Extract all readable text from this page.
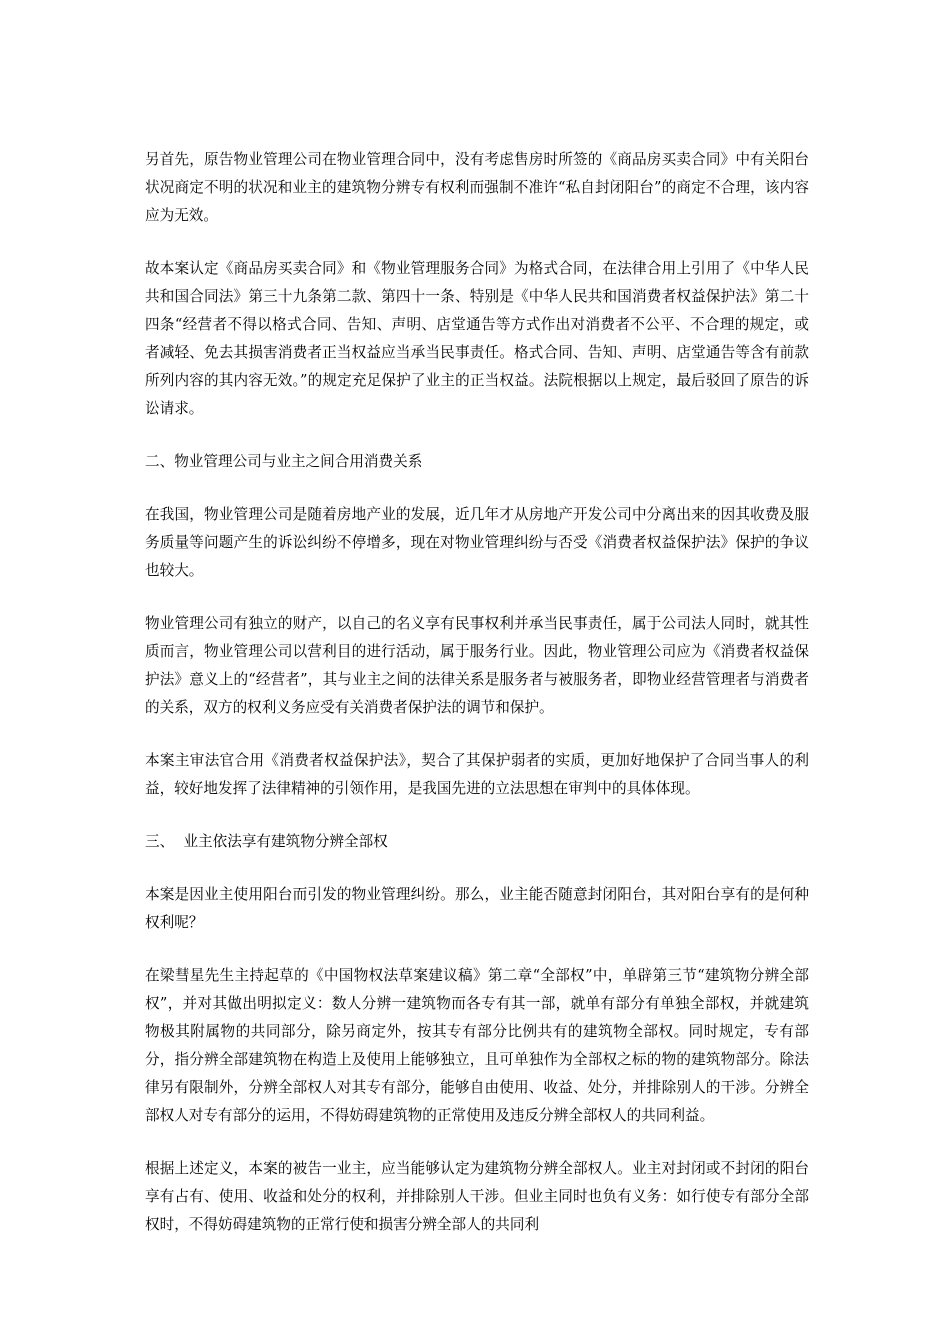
另首先，原告物业管理公司在物业管理合同中，没有考虑售房时所签的《商品房买卖合同》中有关阳台状况商定不明的状况和业主的建筑物分辨专有权利而强制不准许“私自封闭阳台”的商定不合理，该内容应为无效。

故本案认定《商品房买卖合同》和《物业管理服务合同》为格式合同，在法律合用上引用了《中华人民共和国合同法》第三十九条第二款、第四十一条、特别是《中华人民共和国消费者权益保护法》第二十四条“经营者不得以格式合同、告知、声明、店堂通告等方式作出对消费者不公平、不合理的规定，或者减轻、免去其损害消费者正当权益应当承当民事责任。格式合同、告知、声明、店堂通告等含有前款所列内容的其内容无效。”的规定充足保护了业主的正当权益。法院根据以上规定，最后驳回了原告的诉讼请求。

二、物业管理公司与业主之间合用消费关系

在我国，物业管理公司是随着房地产业的发展，近几年才从房地产开发公司中分离出来的因其收费及服务质量等问题产生的诉讼纠纷不停增多，现在对物业管理纠纷与否受《消费者权益保护法》保护的争议也较大。

物业管理公司有独立的财产，以自己的名义享有民事权利并承当民事责任，属于公司法人同时，就其性质而言，物业管理公司以营利目的进行活动，属于服务行业。因此，物业管理公司应为《消费者权益保护法》意义上的“经营者”，其与业主之间的法律关系是服务者与被服务者，即物业经营管理者与消费者的关系，双方的权利义务应受有关消费者保护法的调节和保护。

本案主审法官合用《消费者权益保护法》，契合了其保护弱者的实质，更加好地保护了合同当事人的利益，较好地发挥了法律精神的引领作用，是我国先进的立法思想在审判中的具体体现。

三、  业主依法享有建筑物分辨全部权

本案是因业主使用阳台而引发的物业管理纠纷。那么，业主能否随意封闭阳台，其对阳台享有的是何种权利呢？

在梁彗星先生主持起草的《中国物权法草案建议稿》第二章“全部权”中，单辟第三节“建筑物分辨全部权”，并对其做出明拟定义：数人分辨一建筑物而各专有其一部，就单有部分有单独全部权，并就建筑物极其附属物的共同部分，除另商定外，按其专有部分比例共有的建筑物全部权。同时规定，专有部分，指分辨全部建筑物在构造上及使用上能够独立，且可单独作为全部权之标的物的建筑物部分。除法律另有限制外，分辨全部权人对其专有部分，能够自由使用、收益、处分，并排除别人的干涉。分辨全部权人对专有部分的运用，不得妨碍建筑物的正常使用及违反分辨全部权人的共同利益。

根据上述定义，本案的被告一业主，应当能够认定为建筑物分辨全部权人。业主对封闭或不封闭的阳台享有占有、使用、收益和处分的权利，并排除别人干涉。但业主同时也负有义务：如行使专有部分全部权时，不得妨碍建筑物的正常行使和损害分辨全部人的共同利
